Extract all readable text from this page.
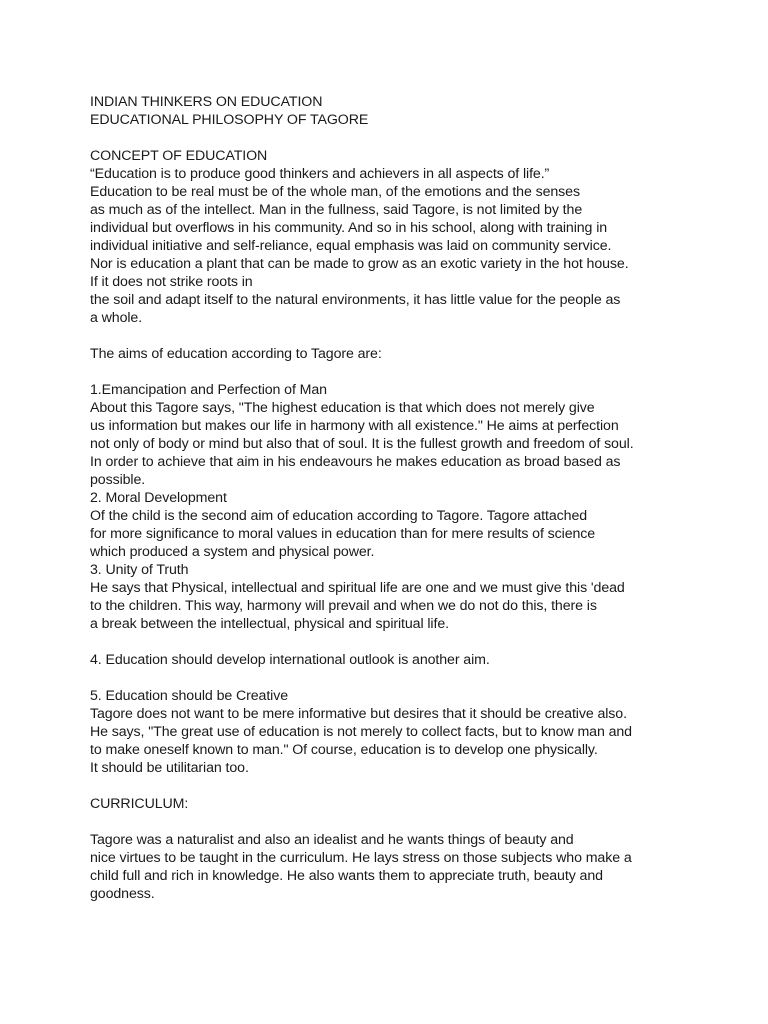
INDIAN THINKERS ON EDUCATION
EDUCATIONAL PHILOSOPHY OF TAGORE
CONCEPT OF EDUCATION
“Education is to produce good thinkers and achievers in all aspects of life.”
Education to be real must be of the whole man, of the emotions and the senses
as much as of the intellect. Man in the fullness, said Tagore, is not limited by the
individual but overflows in his community. And so in his school, along with training in
individual initiative and self-reliance, equal emphasis was laid on community service.
Nor is education a plant that can be made to grow as an exotic variety in the hot house.
If it does not strike roots in
the soil and adapt itself to the natural environments, it has little value for the people as
a whole.
The aims of education according to Tagore are:
1.Emancipation and Perfection of Man
About this Tagore says, "The highest education is that which does not merely give
us information but makes our life in harmony with all existence." He aims at perfection
not only of body or mind but also that of soul. It is the fullest growth and freedom of soul.
In order to achieve that aim in his endeavours he makes education as broad based as
possible.
2. Moral Development
Of the child is the second aim of education according to Tagore. Tagore attached
for more significance to moral values in education than for mere results of science
which produced a system and physical power.
3. Unity of Truth
He says that Physical, intellectual and spiritual life are one and we must give this 'dead
to the children. This way, harmony will prevail and when we do not do this, there is
a break between the intellectual, physical and spiritual life.
4. Education should develop international outlook is another aim.
5. Education should be Creative
Tagore does not want to be mere informative but desires that it should be creative also.
He says, "The great use of education is not merely to collect facts, but to know man and
to make oneself known to man." Of course, education is to develop one physically.
It should be utilitarian too.
CURRICULUM:
Tagore was a naturalist and also an idealist and he wants things of beauty and
nice virtues to be taught in the curriculum. He lays stress on those subjects who make a
child full and rich in knowledge. He also wants them to appreciate truth, beauty and
goodness.
